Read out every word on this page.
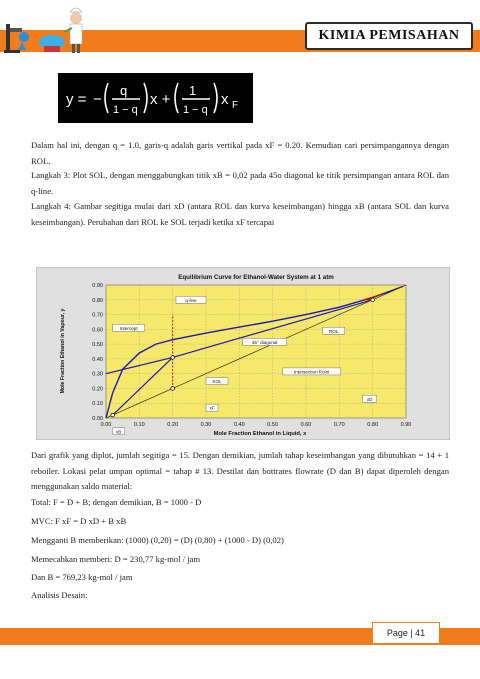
KIMIA PEMISAHAN
y = −
q
1 − q
x +
1
1 − q
x F
Dalam hal ini, dengan q = 1.0, garis-q adalah garis vertikal pada xF = 0.20. Kemudian cari persimpangannya dengan ROL.
Langkah 3: Plot SOL, dengan menggabungkan titik xB = 0,02 pada 45o diagonal ke titik persimpangan antara ROL dan q-line.
Langkah 4: Gambar segitiga mulai dari xD (antara ROL dan kurva keseimbangan) hingga xB (antara SOL dan kurva keseimbangan). Perubahan dari ROL ke SOL terjadi ketika xF tercapai
Equilibrium Curve for Ethanol-Water System at 1 atm
Mole Fraction Ethanol in Liquid, x
Mole Fraction Ethanol in Vapour, y
0.00	0.10	0.20	0.30	0.40	0.50	0.60	0.70	0.80	0.90
0.00
0.10
0.20
0.30
0.40
0.50
0.60
0.70
0.80
0.90
q-line
Intercept
ROL
45° diagonal
Intersection Point
SOL
xF
xD
xB
Dari grafik yang diplot, jumlah segitiga = 15. Dengan demikian, jumlah tahap keseimbangan yang dibutuhkan = 14 + 1 reboiler. Lokasi pelat umpan optimal = tahap # 13. Destilat dan bottrates flowrate (D dan B) dapat diperoleh dengan menggunakan saldo material:
Total: F = D + B; dengan demikian, B = 1000 - D
MVC: F xF = D xD + B xB
Mengganti B memberikan: (1000) (0,20) = (D) (0,80) + (1000 - D) (0,02)
Memecahkan memberi: D = 230,77 kg-mol / jam
Dan B = 769,23 kg-mol / jam
Analisis Desain:
Page | 41
